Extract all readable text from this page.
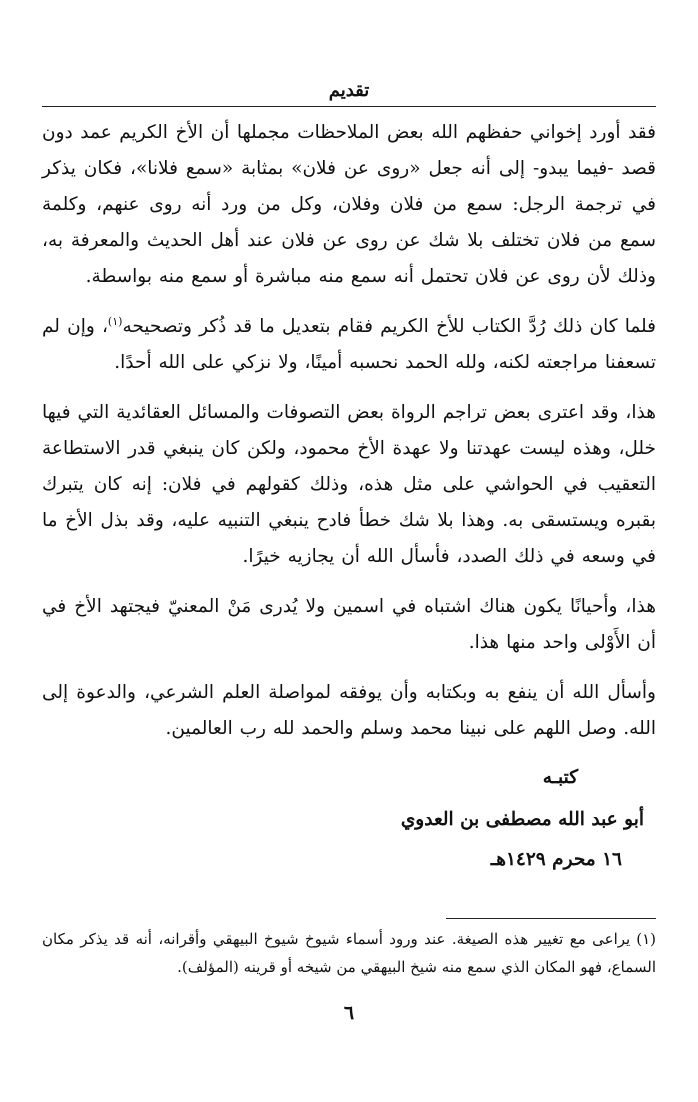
تقديم

فقد أورد إخواني حفظهم الله بعض الملاحظات مجملها أن الأخ الكريم عمد دون قصد -فيما يبدو- إلى أنه جعل «روى عن فلان» بمثابة «سمع فلانا»، فكان يذكر في ترجمة الرجل: سمع من فلان وفلان، وكل من ورد أنه روى عنهم، وكلمة سمع من فلان تختلف بلا شك عن روى عن فلان عند أهل الحديث والمعرفة به، وذلك لأن روى عن فلان تحتمل أنه سمع منه مباشرة أو سمع منه بواسطة.

فلما كان ذلك رُدَّ الكتاب للأخ الكريم فقام بتعديل ما قد ذُكر وتصحيحه$^{(١)}$، وإن لم تسعفنا مراجعته لكنه، ولله الحمد نحسبه أمينًا، ولا نزكي على الله أحدًا.

هذا، وقد اعترى بعض تراجم الرواة بعض التصوفات والمسائل العقائدية التي فيها خلل، وهذه ليست عهدتنا ولا عهدة الأخ محمود، ولكن كان ينبغي قدر الاستطاعة التعقيب في الحواشي على مثل هذه، وذلك كقولهم في فلان: إنه كان يتبرك بقبره ويستسقى به. وهذا بلا شك خطأ فادح ينبغي التنبيه عليه، وقد بذل الأخ ما في وسعه في ذلك الصدد، فأسأل الله أن يجازيه خيرًا.

هذا، وأحيانًا يكون هناك اشتباه في اسمين ولا يُدرى مَنْ المعنيّ فيجتهد الأخ في أن الأَوْلى واحد منها هذا.

وأسأل الله أن ينفع به وبكتابه وأن يوفقه لمواصلة العلم الشرعي، والدعوة إلى الله. وصل اللهم على نبينا محمد وسلم والحمد لله رب العالمين.

كتبـه
أبو عبد الله مصطفى بن العدوي
١٦ محرم ١٤٢٩هـ
(١)يراعى مع تغيير هذه الصيغة. عند ورود أسماء شيوخ شيوخ البيهقي وأقرانه، أنه قد يذكر مكان السماع، فهو المكان الذي سمع منه شيخ البيهقي من شيخه أو قرينه (المؤلف).
٦
